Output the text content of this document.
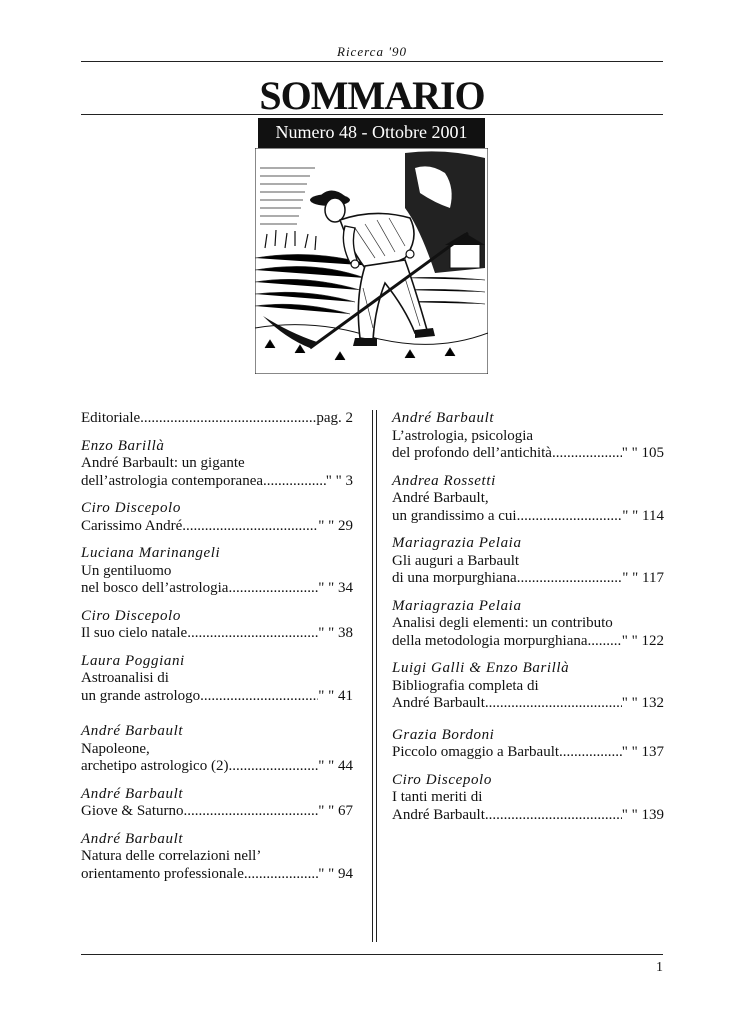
Ricerca '90
SOMMARIO
Numero 48 - Ottobre 2001
Editoriale .....	pag. 2
Enzo Barillà
André Barbault: un gigante
dell’astrologia contemporanea .....	" " 3
Ciro Discepolo
Carissimo André... .....	" " 29
Luciana Marinangeli
Un gentiluomo
nel bosco dell’astrologia .....	" " 34
Ciro Discepolo
Il suo cielo natale .....	" " 38
Laura Poggiani
Astroanalisi di
un grande astrologo .....	" " 41
André Barbault
Napoleone,
archetipo astrologico (2) .....	" " 44
André Barbault
Giove & Saturno .....	" " 67
André Barbault
Natura delle correlazioni nell’
orientamento professionale .....	" " 94
André Barbault
L’astrologia, psicologia
del profondo dell’antichità .....	" " 105
Andrea Rossetti
André Barbault,
un grandissimo a cui .....	" " 114
Mariagrazia Pelaia
Gli auguri a Barbault
di una morpurghiana .....	" " 117
Mariagrazia Pelaia
Analisi degli elementi: un contributo
della metodologia morpurghiana ..... " " 122
Luigi Galli & Enzo Barillà
Bibliografia completa di
André Barbault .....	" " 132
Grazia Bordoni
Piccolo omaggio a Barbault .....	" " 137
Ciro Discepolo
I tanti meriti di
André Barbault .....	" " 139
1
